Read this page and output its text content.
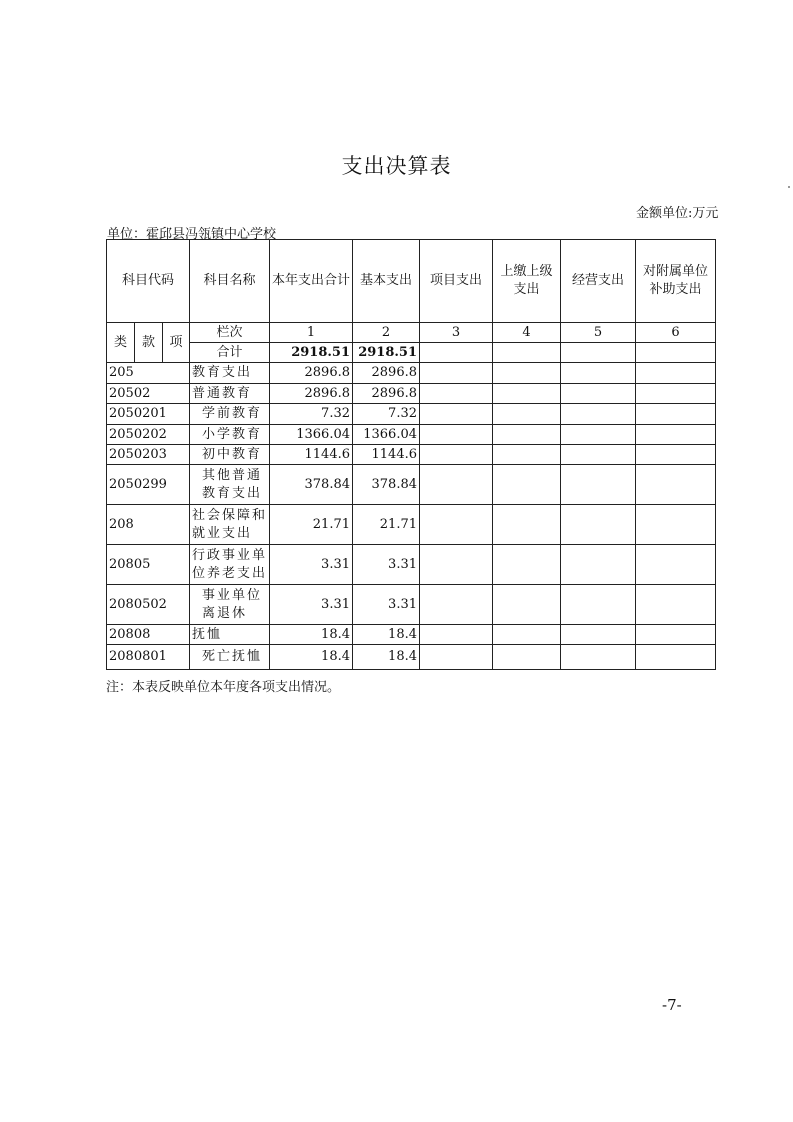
支出决算表
金额单位:万元
单位：霍邱县冯瓴镇中心学校
科目代码			科目名称	本年支出合计	基本支出	项目支出	上缴上级支出	经营支出	对附属单位补助支出
类	款	项	栏次	1	2	3	4	5	6
			合计	2918.51	2918.51				
205			教育支出	2896.8	2896.8				
20502			普通教育	2896.8	2896.8				
2050201			学前教育	7.32	7.32				
2050202			小学教育	1366.04	1366.04				
2050203			初中教育	1144.6	1144.6				
2050299			其他普通教育支出	378.84	378.84				
208			社会保障和就业支出	21.71	21.71				
20805			行政事业单位养老支出	3.31	3.31				
2080502			事业单位离退休	3.31	3.31				
20808			抚恤	18.4	18.4				
2080801			死亡抚恤	18.4	18.4				
注：本表反映单位本年度各项支出情况。
-7-
